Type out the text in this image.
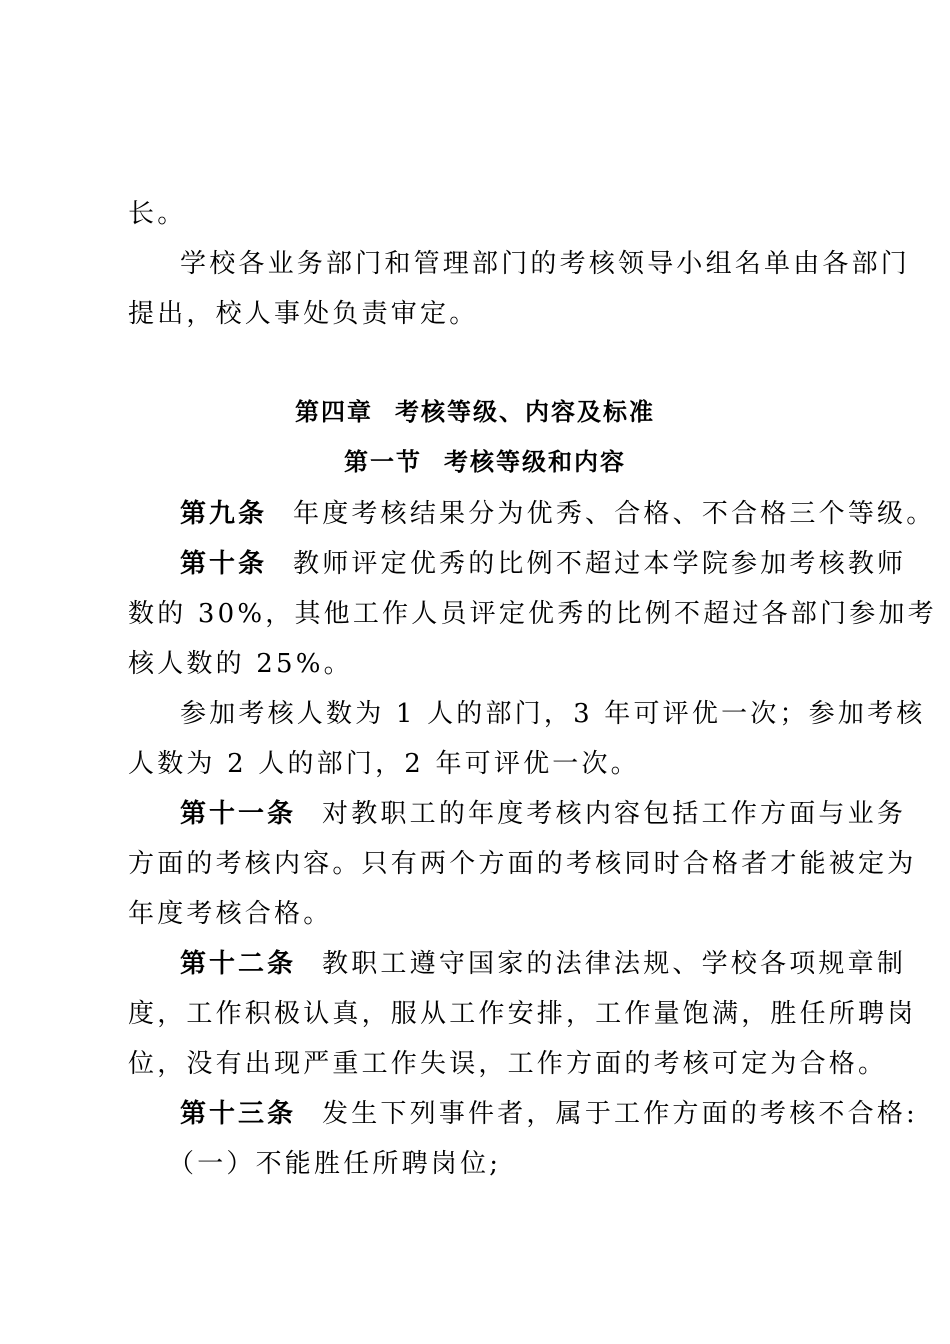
长。
学校各业务部门和管理部门的考核领导小组名单由各部门
提出，校人事处负责审定。
第四章 考核等级、内容及标准
第一节 考核等级和内容
第九条 年度考核结果分为优秀、合格、不合格三个等级。
第十条 教师评定优秀的比例不超过本学院参加考核教师
数的 30%，其他工作人员评定优秀的比例不超过各部门参加考
核人数的 25%。
参加考核人数为 1 人的部门，3 年可评优一次；参加考核
人数为 2 人的部门，2 年可评优一次。
第十一条 对教职工的年度考核内容包括工作方面与业务
方面的考核内容。只有两个方面的考核同时合格者才能被定为
年度考核合格。
第十二条 教职工遵守国家的法律法规、学校各项规章制
度，工作积极认真，服从工作安排，工作量饱满，胜任所聘岗
位，没有出现严重工作失误，工作方面的考核可定为合格。
第十三条 发生下列事件者，属于工作方面的考核不合格:
（一）不能胜任所聘岗位;
